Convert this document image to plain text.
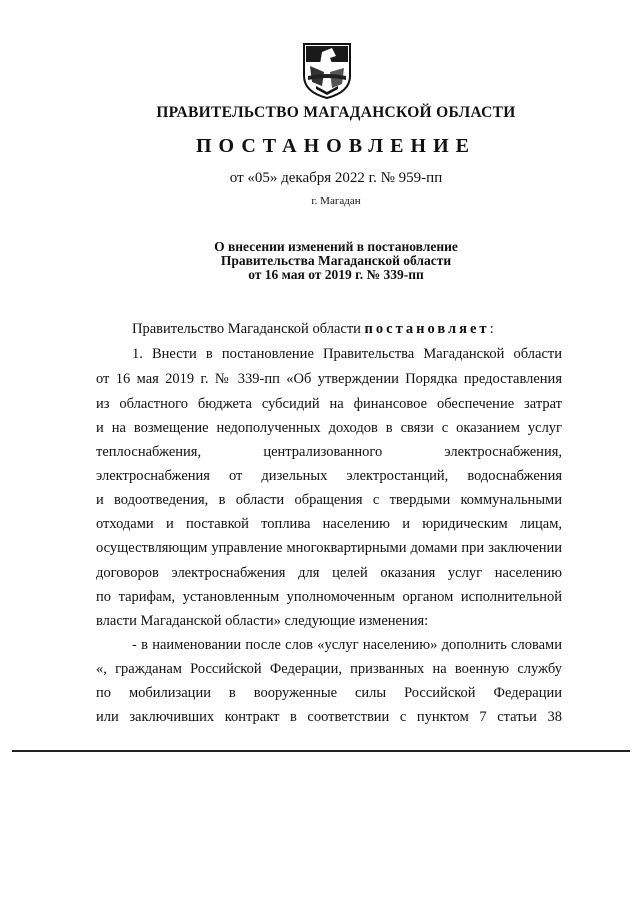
ПРАВИТЕЛЬСТВО МАГАДАНСКОЙ ОБЛАСТИ
ПОСТАНОВЛЕНИЕ
от «05» декабря 2022 г. № 959-пп
г. Магадан
О внесении изменений в постановление
Правительства Магаданской области
от 16 мая от 2019 г. № 339-пп
Правительство Магаданской области постановляет:
1. Внести в постановление Правительства Магаданской области
от 16 мая 2019 г. № 339-пп «Об утверждении Порядка предоставления
из областного бюджета субсидий на финансовое обеспечение затрат
и на возмещение недополученных доходов в связи с оказанием услуг
теплоснабжения, централизованного электроснабжения,
электроснабжения от дизельных электростанций, водоснабжения
и водоотведения, в области обращения с твердыми коммунальными
отходами и поставкой топлива населению и юридическим лицам,
осуществляющим управление многоквартирными домами при заключении
договоров электроснабжения для целей оказания услуг населению
по тарифам, установленным уполномоченным органом исполнительной
власти Магаданской области» следующие изменения:
- в наименовании после слов «услуг населению» дополнить словами
«, гражданам Российской Федерации, призванных на военную службу
по мобилизации в вооруженные силы Российской Федерации
или заключивших контракт в соответствии с пунктом 7 статьи 38
